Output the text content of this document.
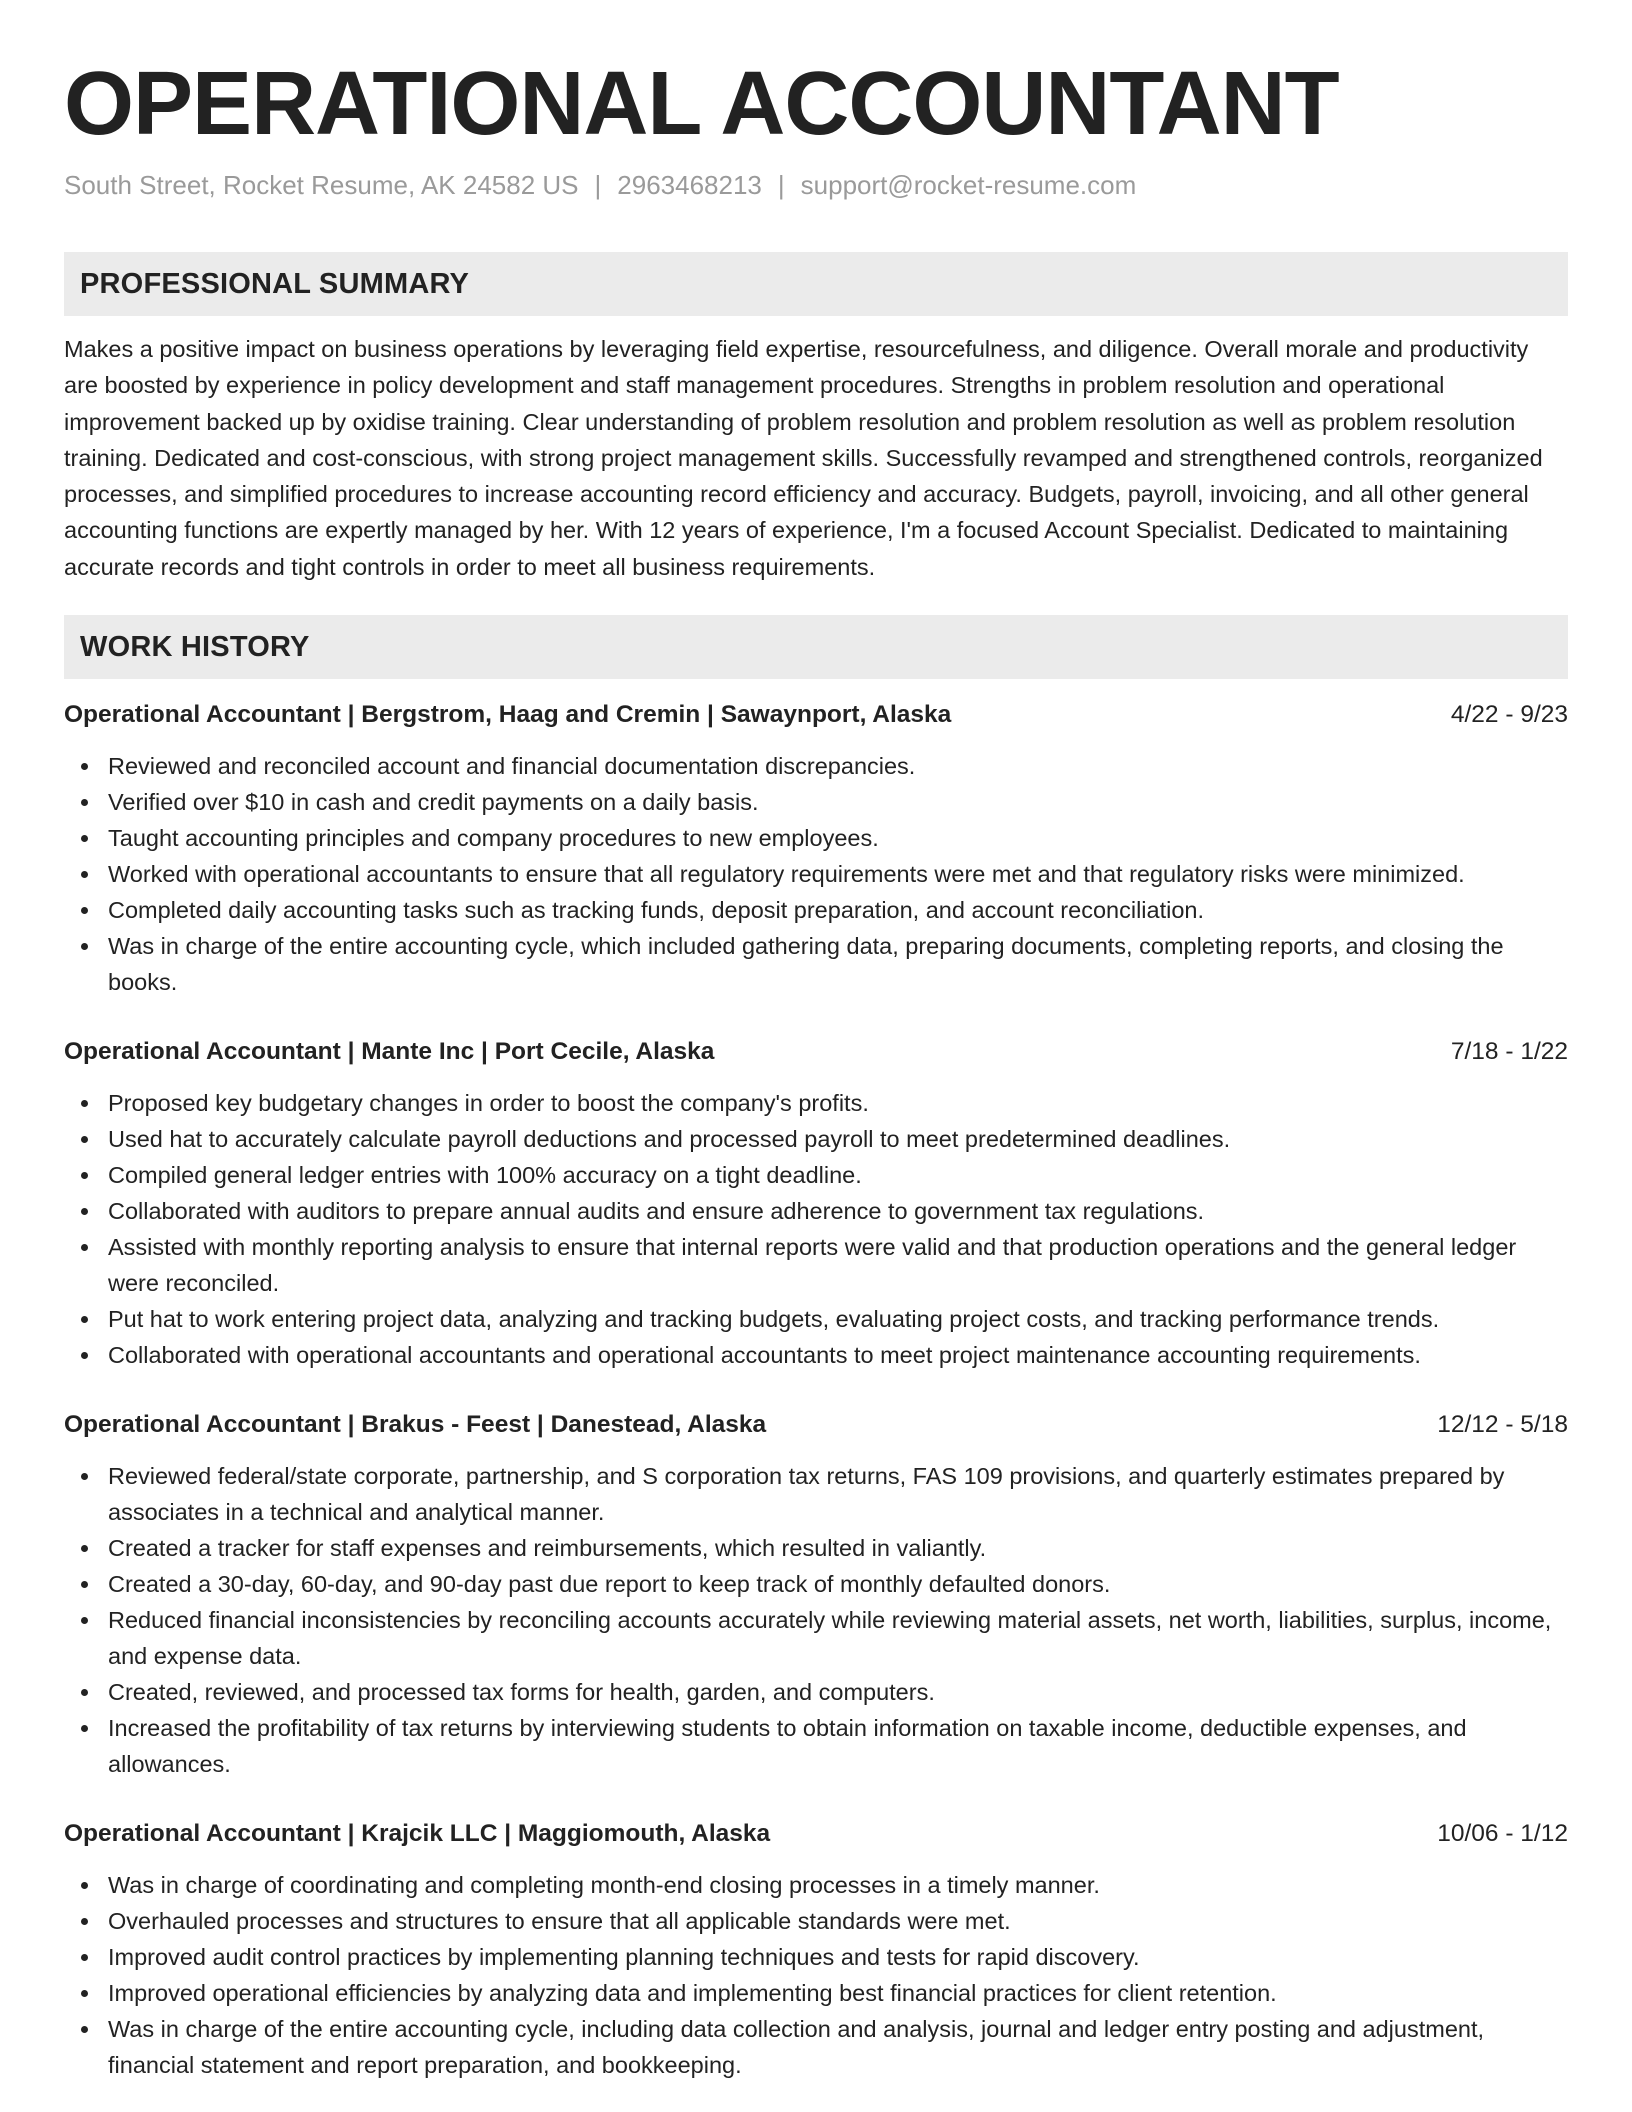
OPERATIONAL ACCOUNTANT
South Street, Rocket Resume, AK 24582 US | 2963468213 | support@rocket-resume.com
PROFESSIONAL SUMMARY

Makes a positive impact on business operations by leveraging field expertise, resourcefulness, and diligence. Overall morale and productivity are boosted by experience in policy development and staff management procedures. Strengths in problem resolution and operational improvement backed up by oxidise training. Clear understanding of problem resolution and problem resolution as well as problem resolution training. Dedicated and cost-conscious, with strong project management skills. Successfully revamped and strengthened controls, reorganized processes, and simplified procedures to increase accounting record efficiency and accuracy. Budgets, payroll, invoicing, and all other general accounting functions are expertly managed by her. With 12 years of experience, I'm a focused Account Specialist. Dedicated to maintaining accurate records and tight controls in order to meet all business requirements.

WORK HISTORY
Operational Accountant | Bergstrom, Haag and Cremin | Sawaynport, Alaska	4/22 - 9/23
Reviewed and reconciled account and financial documentation discrepancies.
Verified over $10 in cash and credit payments on a daily basis.
Taught accounting principles and company procedures to new employees.
Worked with operational accountants to ensure that all regulatory requirements were met and that regulatory risks were minimized.
Completed daily accounting tasks such as tracking funds, deposit preparation, and account reconciliation.
Was in charge of the entire accounting cycle, which included gathering data, preparing documents, completing reports, and closing the books.
Operational Accountant | Mante Inc | Port Cecile, Alaska	7/18 - 1/22
Proposed key budgetary changes in order to boost the company's profits.
Used hat to accurately calculate payroll deductions and processed payroll to meet predetermined deadlines.
Compiled general ledger entries with 100% accuracy on a tight deadline.
Collaborated with auditors to prepare annual audits and ensure adherence to government tax regulations.
Assisted with monthly reporting analysis to ensure that internal reports were valid and that production operations and the general ledger were reconciled.
Put hat to work entering project data, analyzing and tracking budgets, evaluating project costs, and tracking performance trends.
Collaborated with operational accountants and operational accountants to meet project maintenance accounting requirements.
Operational Accountant | Brakus - Feest | Danestead, Alaska	12/12 - 5/18
Reviewed federal/state corporate, partnership, and S corporation tax returns, FAS 109 provisions, and quarterly estimates prepared by associates in a technical and analytical manner.
Created a tracker for staff expenses and reimbursements, which resulted in valiantly.
Created a 30-day, 60-day, and 90-day past due report to keep track of monthly defaulted donors.
Reduced financial inconsistencies by reconciling accounts accurately while reviewing material assets, net worth, liabilities, surplus, income, and expense data.
Created, reviewed, and processed tax forms for health, garden, and computers.
Increased the profitability of tax returns by interviewing students to obtain information on taxable income, deductible expenses, and allowances.
Operational Accountant | Krajcik LLC | Maggiomouth, Alaska	10/06 - 1/12
Was in charge of coordinating and completing month-end closing processes in a timely manner.
Overhauled processes and structures to ensure that all applicable standards were met.
Improved audit control practices by implementing planning techniques and tests for rapid discovery.
Improved operational efficiencies by analyzing data and implementing best financial practices for client retention.
Was in charge of the entire accounting cycle, including data collection and analysis, journal and ledger entry posting and adjustment, financial statement and report preparation, and bookkeeping.
